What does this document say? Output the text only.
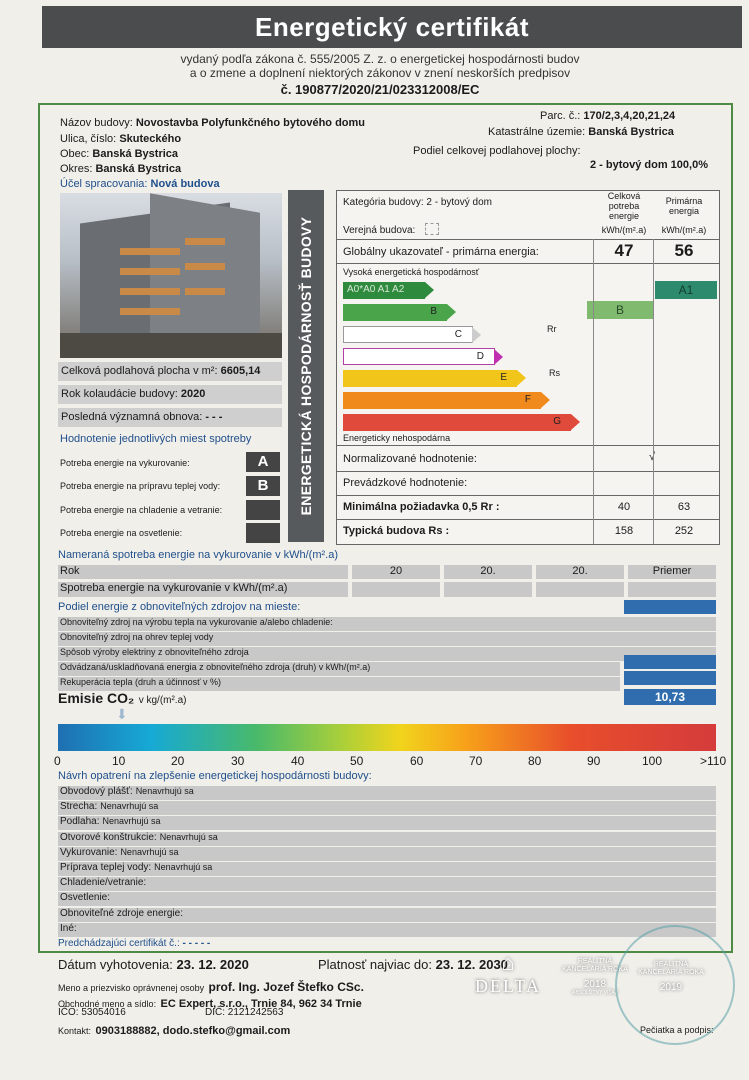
Energetický certifikát
vydaný podľa zákona č. 555/2005 Z. z. o energetickej hospodárnosti budov
a o zmene a doplnení niektorých zákonov v znení neskorších predpisov
č. 190877/2020/21/023312008/EC
Názov budovy: Novostavba Polyfunkčného bytového domu
Ulica, číslo: Skuteckého
Obec: Banská Bystrica
Okres: Banská Bystrica
Účel spracovania: Nová budova
Parc. č.: 170/2,3,4,20,21,24
Katastrálne územie: Banská Bystrica
Podiel celkovej podlahovej plochy:
2 - bytový dom 100,0%
Celková podlahová plocha v m²: 6605,14
Rok kolaudácie budovy: 2020
Posledná významná obnova: - - -
Hodnotenie jednotlivých miest spotreby
Potreba energie na vykurovanie:	A
Potreba energie na prípravu teplej vody:	B
Potreba energie na chladenie a vetranie:
Potreba energie na osvetlenie:
ENERGETICKÁ HOSPODÁRNOSŤ BUDOVY
Kategória budovy: 2 - bytový dom
Celková potreba energie
kWh/(m².a)
Primárna energia
kWh/(m².a)
Verejná budova:
Globálny ukazovateľ - primárna energia:	47	56
Vysoká energetická hospodárnosť
A0*A0 A1 A2
B
C
D
E
F
G
Rr
Rs
B
A1
Energeticky nehospodárna
Normalizované hodnotenie:	√
Prevádzkové hodnotenie:
Minimálna požiadavka 0,5 Rr :	40	63
Typická budova Rs :	158	252
Nameraná spotreba energie na vykurovanie v kWh/(m².a)
Rok	20	20.	20.	Priemer
Spotreba energie na vykurovanie v kWh/(m².a)
Podiel energie z obnoviteľných zdrojov na mieste:
Obnoviteľný zdroj na výrobu tepla na vykurovanie a/alebo chladenie:
Obnoviteľný zdroj na ohrev teplej vody
Spôsob výroby elektriny z obnoviteľného zdroja
Odvádzaná/uskladňovaná energia z obnoviteľného zdroja (druh) v kWh/(m².a)
Rekuperácia tepla (druh a účinnosť v %)
Emisie CO₂ v kg/(m².a)	10,73
⬇
0	10	20	30	40	50	60	70	80	90	100	>110
Návrh opatrení na zlepšenie energetickej hospodárnosti budovy:
Obvodový plášť: Nenavrhujú sa
Strecha: Nenavrhujú sa
Podlaha: Nenavrhujú sa
Otvorové konštrukcie: Nenavrhujú sa
Vykurovanie: Nenavrhujú sa
Príprava teplej vody: Nenavrhujú sa
Chladenie/vetranie:
Osvetlenie:
Obnoviteľné zdroje energie:
Iné:
Predchádzajúci certifikát č.: - - - - -
Dátum vyhotovenia: 23. 12. 2020	Platnosť najviac do: 23. 12. 2030
Meno a priezvisko oprávnenej osoby prof. Ing. Jozef Štefko CSc.
Obchodné meno a sídlo: EC Expert, s.r.o., Trnie 84, 962 34 Trnie
IČO: 53054016	DIČ: 2121242563
Kontakt: 0903188882, dodo.stefko@gmail.com	Pečiatka a podpis:
⌂
DELTA
PROPERTY
REALITNÁ KANCELÁRIA ROKA
2018
ABSOLÚTNY VÍŤAZ
REALITNÁ KANCELÁRIA ROKA
2019
